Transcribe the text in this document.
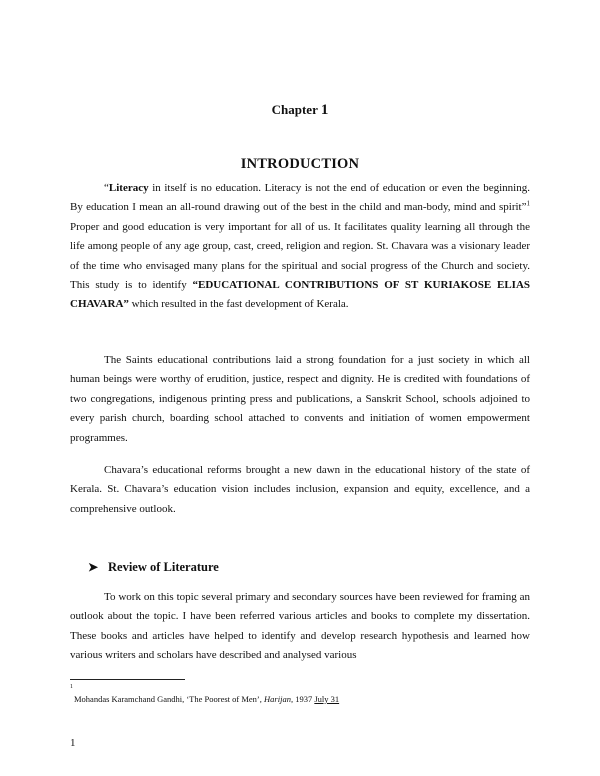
Chapter 1
INTRODUCTION
“Literacy in itself is no education. Literacy is not the end of education or even the beginning. By education I mean an all-round drawing out of the best in the child and man-body, mind and spirit”$^1$ Proper and good education is very important for all of us. It facilitates quality learning all through the life among people of any age group, cast, creed, religion and region. St. Chavara was a visionary leader of the time who envisaged many plans for the spiritual and social progress of the Church and society. This study is to identify “EDUCATIONAL CONTRIBUTIONS OF ST KURIAKOSE ELIAS CHAVARA” which resulted in the fast development of Kerala.
The Saints educational contributions laid a strong foundation for a just society in which all human beings were worthy of erudition, justice, respect and dignity. He is credited with foundations of two congregations, indigenous printing press and publications, a Sanskrit School, schools adjoined to every parish church, boarding school attached to convents and initiation of women empowerment programmes.
Chavara’s educational reforms brought a new dawn in the educational history of the state of Kerala. St. Chavara’s education vision includes inclusion, expansion and equity, excellence, and a comprehensive outlook.
➤ Review of Literature
To work on this topic several primary and secondary sources have been reviewed for framing an outlook about the topic. I have been referred various articles and books to complete my dissertation. These books and articles have helped to identify and develop research hypothesis and learned how various writers and scholars have described and analysed various
1
Mohandas Karamchand Gandhi, ‘The Poorest of Men’, Harijan, 1937 July 31
1
